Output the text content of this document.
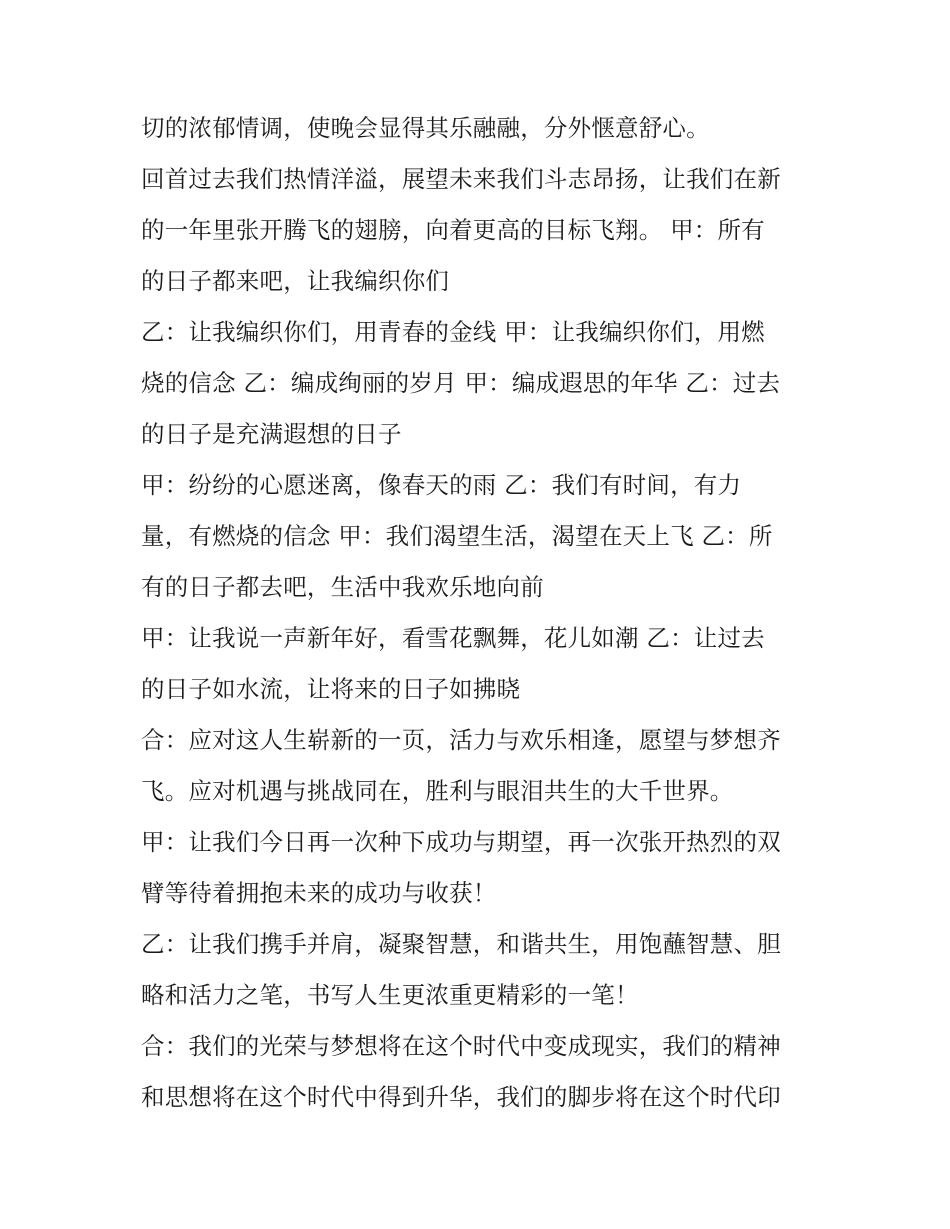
切的浓郁情调，使晚会显得其乐融融，分外惬意舒心。
回首过去我们热情洋溢，展望未来我们斗志昂扬，让我们在新
的一年里张开腾飞的翅膀，向着更高的目标飞翔。 甲：所有
的日子都来吧，让我编织你们
乙：让我编织你们，用青春的金线 甲：让我编织你们，用燃
烧的信念 乙：编成绚丽的岁月 甲：编成遐思的年华 乙：过去
的日子是充满遐想的日子
甲：纷纷的心愿迷离，像春天的雨 乙：我们有时间，有力
量，有燃烧的信念 甲：我们渴望生活，渴望在天上飞 乙：所
有的日子都去吧，生活中我欢乐地向前
甲：让我说一声新年好，看雪花飘舞，花儿如潮 乙：让过去
的日子如水流，让将来的日子如拂晓
合：应对这人生崭新的一页，活力与欢乐相逢，愿望与梦想齐
飞。应对机遇与挑战同在，胜利与眼泪共生的大千世界。
甲：让我们今日再一次种下成功与期望，再一次张开热烈的双
臂等待着拥抱未来的成功与收获！
乙：让我们携手并肩，凝聚智慧，和谐共生，用饱蘸智慧、胆
略和活力之笔，书写人生更浓重更精彩的一笔！
合：我们的光荣与梦想将在这个时代中变成现实，我们的精神
和思想将在这个时代中得到升华，我们的脚步将在这个时代印
